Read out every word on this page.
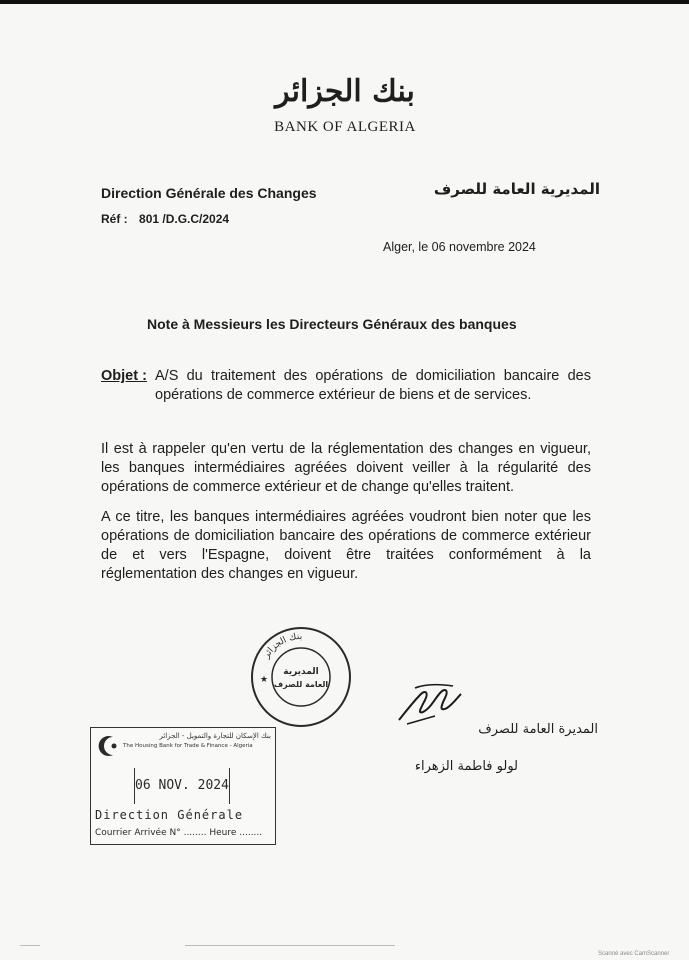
بنك الجزائر
BANK OF ALGERIA
Direction Générale des Changes	المديرية العامة للصرف
Réf : 801 /D.G.C/2024
Alger, le 06 novembre 2024
Note à Messieurs les Directeurs Généraux des banques
Objet : A/S du traitement des opérations de domiciliation bancaire des opérations de commerce extérieur de biens et de services.
Il est à rappeler qu'en vertu de la réglementation des changes en vigueur, les banques intermédiaires agréées doivent veiller à la régularité des opérations de commerce extérieur et de change qu'elles traitent.
A ce titre, les banques intermédiaires agréées voudront bien noter que les opérations de domiciliation bancaire des opérations de commerce extérieur de et vers l'Espagne, doivent être traitées conformément à la réglementation des changes en vigueur.
بنك الجزائر
المديرية
العامة للصرف
★
المديرة العامة للصرف
لولو فاطمة الزهراء
بنك الإسكان للتجارة والتمويل - الجزائر
The Housing Bank for Trade & Finance - Algeria
06 NOV. 2024
Direction Générale
Courrier Arrivée N° ........ Heure ........
Scanné avec CamScanner
